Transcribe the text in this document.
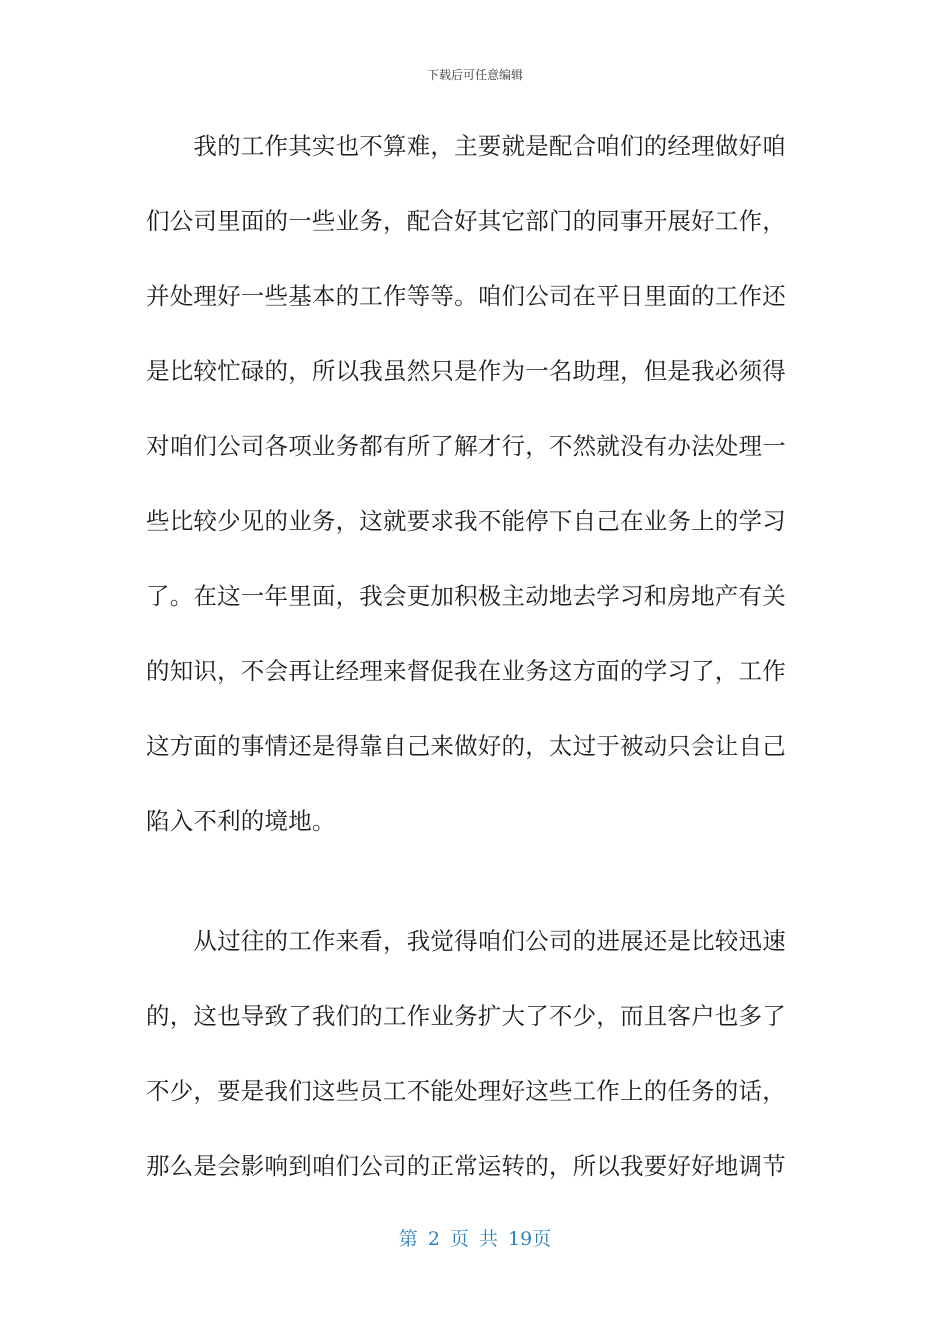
下载后可任意编辑
　　我的工作其实也不算难，主要就是配合咱们的经理做好咱
们公司里面的一些业务，配合好其它部门的同事开展好工作，
并处理好一些基本的工作等等。咱们公司在平日里面的工作还
是比较忙碌的，所以我虽然只是作为一名助理，但是我必须得
对咱们公司各项业务都有所了解才行，不然就没有办法处理一
些比较少见的业务，这就要求我不能停下自己在业务上的学习
了。在这一年里面，我会更加积极主动地去学习和房地产有关
的知识，不会再让经理来督促我在业务这方面的学习了，工作
这方面的事情还是得靠自己来做好的，太过于被动只会让自己
陷入不利的境地。
　　从过往的工作来看，我觉得咱们公司的进展还是比较迅速
的，这也导致了我们的工作业务扩大了不少，而且客户也多了
不少，要是我们这些员工不能处理好这些工作上的任务的话，
那么是会影响到咱们公司的正常运转的，所以我要好好地调节
第 2 页 共 19页
